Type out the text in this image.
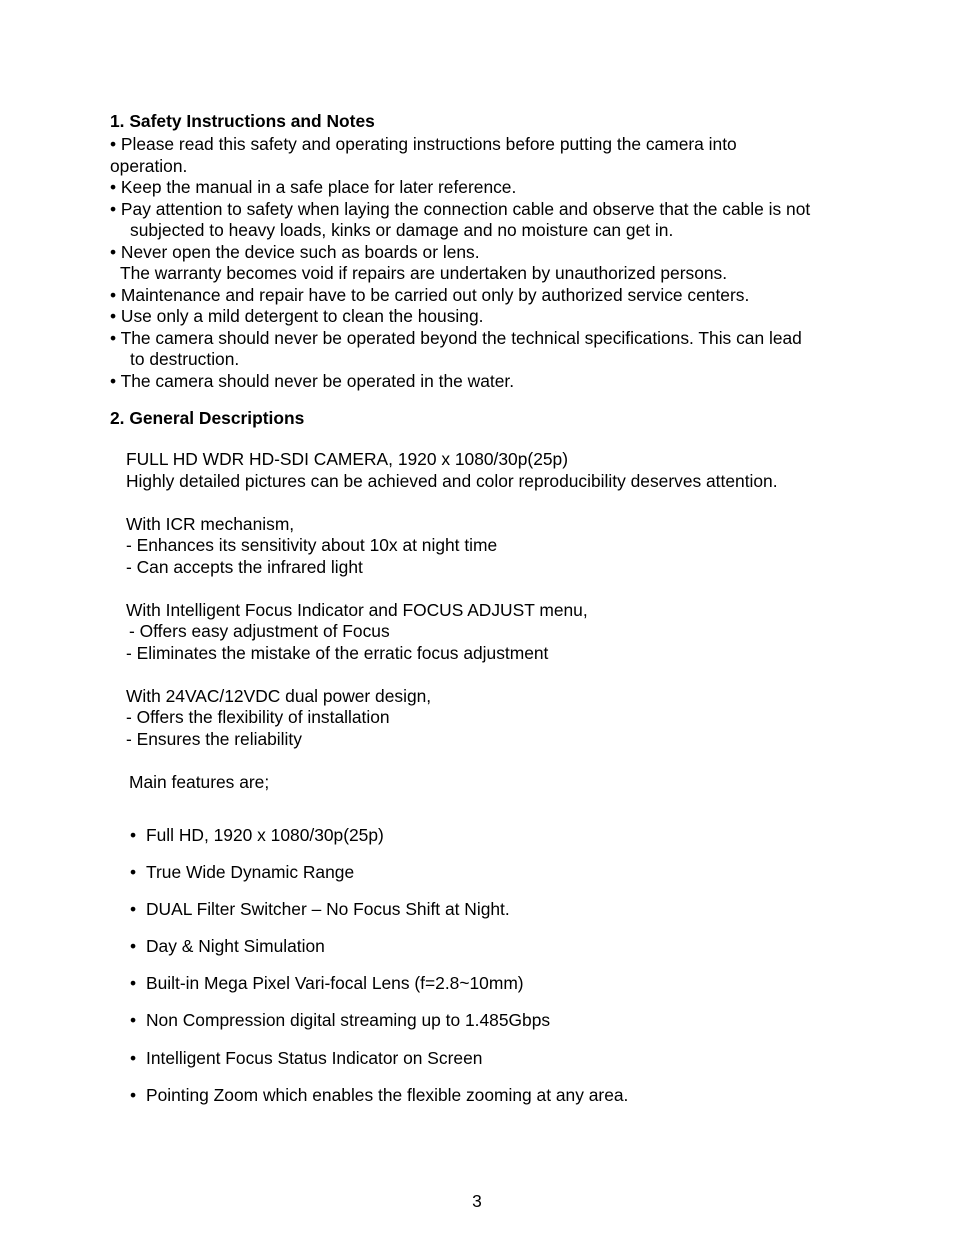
1. Safety Instructions and Notes
• Please read this safety and operating instructions before putting the camera into
operation.
• Keep the manual in a safe place for later reference.
• Pay attention to safety when laying the connection cable and observe that the cable is not
subjected to heavy loads, kinks or damage and no moisture can get in.
• Never open the device such as boards or lens.
The warranty becomes void if repairs are undertaken by unauthorized persons.
• Maintenance and repair have to be carried out only by authorized service centers.
• Use only a mild detergent to clean the housing.
• The camera should never be operated beyond the technical specifications. This can lead
to destruction.
• The camera should never be operated in the water.
2. General Descriptions
FULL HD WDR HD-SDI CAMERA, 1920 x 1080/30p(25p)
Highly detailed pictures can be achieved and color reproducibility deserves attention.
With ICR mechanism,
- Enhances its sensitivity about 10x at night time
- Can accepts the infrared light
With Intelligent Focus Indicator and FOCUS ADJUST menu,
- Offers easy adjustment of Focus
- Eliminates the mistake of the erratic focus adjustment
With 24VAC/12VDC dual power design,
- Offers the flexibility of installation
- Ensures the reliability
Main features are;
• Full HD, 1920 x 1080/30p(25p)
• True Wide Dynamic Range
• DUAL Filter Switcher – No Focus Shift at Night.
• Day & Night Simulation
• Built-in Mega Pixel Vari-focal Lens (f=2.8~10mm)
• Non Compression digital streaming up to 1.485Gbps
• Intelligent Focus Status Indicator on Screen
• Pointing Zoom which enables the flexible zooming at any area.
3
